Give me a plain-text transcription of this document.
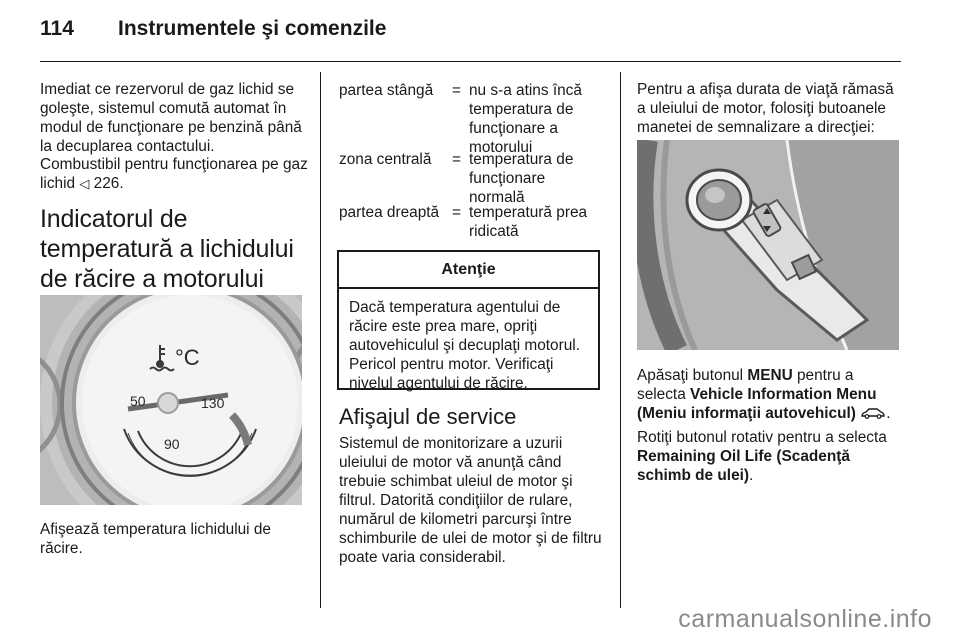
114 Instrumentele şi comenzile

Imediat ce rezervorul de gaz lichid se goleşte, sistemul comută automat în modul de funcţionare pe benzină până la decuplarea contactului.

Combustibil pentru funcţionarea pe gaz lichid ◁ 226.

Indicatorul de temperatură a lichidului de răcire a motorului
°C
50
90
130

Afişează temperatura lichidului de răcire.

partea stângă	= nu s-a atins încă temperatura de funcţionare a motorului
zona centrală	= temperatura de funcţionare normală
partea dreaptă = temperatură prea ridicată
Atenţie
Dacă temperatura agentului de răcire este prea mare, opriţi autovehiculul şi decuplaţi motorul. Pericol pentru motor. Verificaţi nivelul agentului de răcire.
Afişajul de service

Sistemul de monitorizare a uzurii uleiului de motor vă anunţă când trebuie schimbat uleiul de motor şi filtrul. Datorită condiţiilor de rulare, numărul de kilometri parcurşi între schimburile de ulei de motor şi de filtru poate varia considerabil.

Pentru a afişa durata de viaţă rămasă a uleiului de motor, folosiţi butoanele manetei de semnalizare a direcţiei:

Apăsaţi butonul MENU pentru a selecta Vehicle Information Menu (Meniu informaţii autovehicul) .

Rotiţi butonul rotativ pentru a selecta Remaining Oil Life (Scadenţă schimb de ulei).

carmanualsonline.info
